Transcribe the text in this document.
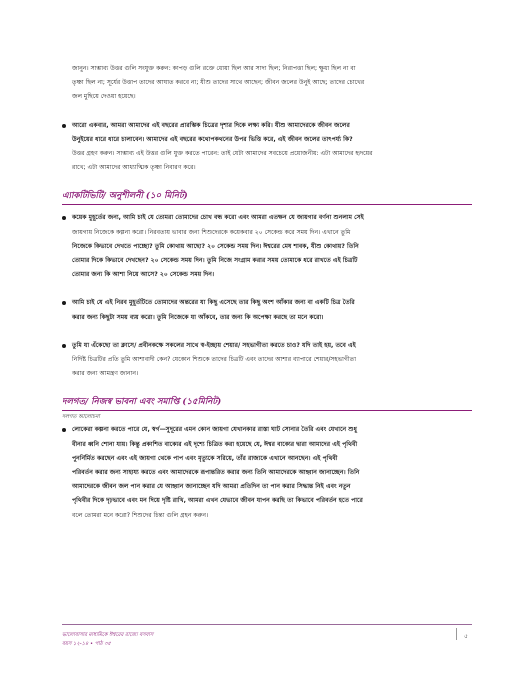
জানুন। সাম্ভাব্য উত্তর গুলি সংযুক্ত করুন: কাপড় গুলি রক্তে ধোয়া ছিল আর সাদা ছিল; নিরাপত্তা ছিল; ক্ষুধা ছিল না বা

তৃষ্ণা ছিল না; সূর্যের উত্তাপ তাদের আঘাত করবে না; যীশু তাদের সাথে আছেন; জীবন জলের উনুই আছে; তাদের চোখের

জল মুছিয়ে দেওয়া হয়েছে।

আরো একবার, আমরা আমাদের এই বছরের প্রারম্ভিক চিত্রের দৃশ্যর দিকে লক্ষ্য করি। যীশু আমাদেরকে জীবন জলের

উনুইয়ের ধারে ধারে চালাবেন। আমাদের এই বছরের কথোপকথনের উপর ভিত্তি করে, এই জীবন জলের তাৎপর্য্য কি?

উত্তর গ্রহণ করুন। সাম্ভাব্য এই উত্তর গুলি যুক্ত করতে পারেন: তাই যেটা আমাদের সবচেয়ে প্রয়োজনীয়: এটা আমাদের হৃদয়ের

রাখে; এটা আমাদের আধ্যাত্মিক তৃষ্ণা নিবারণ করে।

এ্যাকটিভিটি/ অনুশীলনী (১০ মিনিট)

কয়েক মুহূর্তের জন্য, আমি চাই যে তোমরা তোমাদের চোখ বন্ধ করো এবং আমরা এতক্ষন যে জায়গার বর্ণনা শুনলাম সেই

জায়গায় নিজেকে কল্পনা করো। নিরবতায় ভাবার জন্য শিশুদেরকে কয়েকবার ২০ সেকেন্ড করে সময় দিন। এখানে তুমি

নিজেকে কিভাবে দেখতে পাচ্ছো? তুমি কোথায় আছো? ২০ সেকেন্ড সময় দিন। ঈশ্বরের মেষ শাবক, যীশু কোথায়? তিনি

তোমার দিকে কিভাবে দেখছেন? ২০ সেকেন্ড সময় দিন। তুমি নিজে সংগ্রাম করার সময় তোমাকে ধরে রাখতে এই চিত্রটি

তোমার জন্য কি আশা নিয়ে আসে? ২০ সেকেন্ড সময় দিন।

আমি চাই যে এই নিরব মুহূর্তটিতে তোমাদের অন্তরের যা কিছু এসেছে তার কিছু অংশ আঁকার জন্য বা একটি চিত্র তৈরি

করার জন্য কিছুটা সময় ব্যয় করো। তুমি নিজেকে যা আঁকবে, তার জন্য কি অপেক্ষা করছে তা মনে করো।

তুমি যা এঁকেছো তা ক্লাসে/ প্রবীনকক্ষে সকলের সাথে স্ব-ইচ্ছায় শেয়ার/ সহভাগীতা করতে চাও? যদি তাই হয়, তবে এই

নির্দিষ্ট চিত্রটির প্রতি তুমি আশাবাদী কেন? যেকোন শিশুকে তাদের চিত্রটি এবং তাদের আশার ব্যাপারে শেয়ার/সহভাগীতা

করার জন্য আমন্ত্রণ জানান।

দলগত/ নিজস্ব ভাবনা এবং সমাপ্তি (১৫মিনিট)
দলগত আলোচনা

লোকেরা কল্পনা করতে পারে যে, স্বর্গ—সুদূরের এমন কোন জায়গা যেখানকার রাস্তা ঘাট সোনার তৈরি এবং যেখানে শুধু

বীনার ধ্বনি শোনা যায়। কিন্তু প্রকাশিত বাক্যের এই দৃশ্যে চিত্রিত করা হয়েছে যে, ঈশ্বর বাক্যের দ্বারা আমাদের এই পৃথিবী

পুনর্নির্মিত করছেন এবং এই জায়গা থেকে পাপ এবং মৃত্যুকে সরিয়ে, তাঁর রাজ্যকে এখানে আনছেন। এই পৃথিবী

পরিবর্তন করার জন্য সাহায্য করতে এবং আমাদেরকে রূপান্তরিত করার জন্য তিনি আমাদেরকে আহ্বান জানাচ্ছেন। তিনি

আমাদেরকে জীবন জল পান করার যে আহ্বান জানাচ্ছেন যদি আমরা প্রতিদিন তা পান করার সিদ্ধান্ত নিই এবং নতুন

পৃথিবীর দিকে দৃঢ়ভাবে এবং মন দিয়ে দৃষ্টি রাখি, আমরা এখন যেভাবে জীবন যাপন করছি তা কিভাবে পরিবর্তন হতে পারে

বলে তোমরা মনে করো? শিশুদের চিন্তা গুলি গ্রহন করুন।

ভালোবাসার মাধ্যমিকে ঈশ্বরের রাজ্যে বসবাস
বয়স ১২-১৪ • পাঠ ৩৫
৫
